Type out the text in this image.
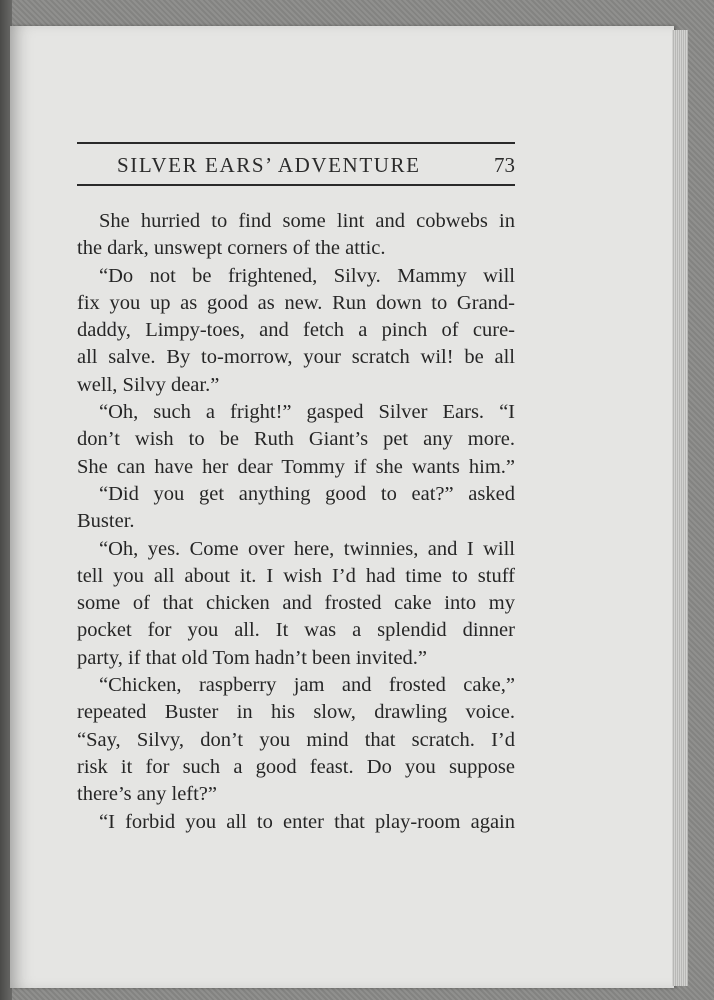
SILVER EARS’ ADVENTURE	73
She hurried to find some lint and cobwebs in
the dark, unswept corners of the attic.
“Do not be frightened, Silvy. Mammy will
fix you up as good as new. Run down to Grand-
daddy, Limpy-toes, and fetch a pinch of cure-
all salve. By to-morrow, your scratch wil! be all
well, Silvy dear.”
“Oh, such a fright!” gasped Silver Ears. “I
don’t wish to be Ruth Giant’s pet any more.
She can have her dear Tommy if she wants him.”
“Did you get anything good to eat?” asked
Buster.
“Oh, yes. Come over here, twinnies, and I will
tell you all about it. I wish I’d had time to stuff
some of that chicken and frosted cake into my
pocket for you all. It was a splendid dinner
party, if that old Tom hadn’t been invited.”
“Chicken, raspberry jam and frosted cake,”
repeated Buster in his slow, drawling voice.
“Say, Silvy, don’t you mind that scratch. I’d
risk it for such a good feast. Do you suppose
there’s any left?”
“I forbid you all to enter that play-room again
